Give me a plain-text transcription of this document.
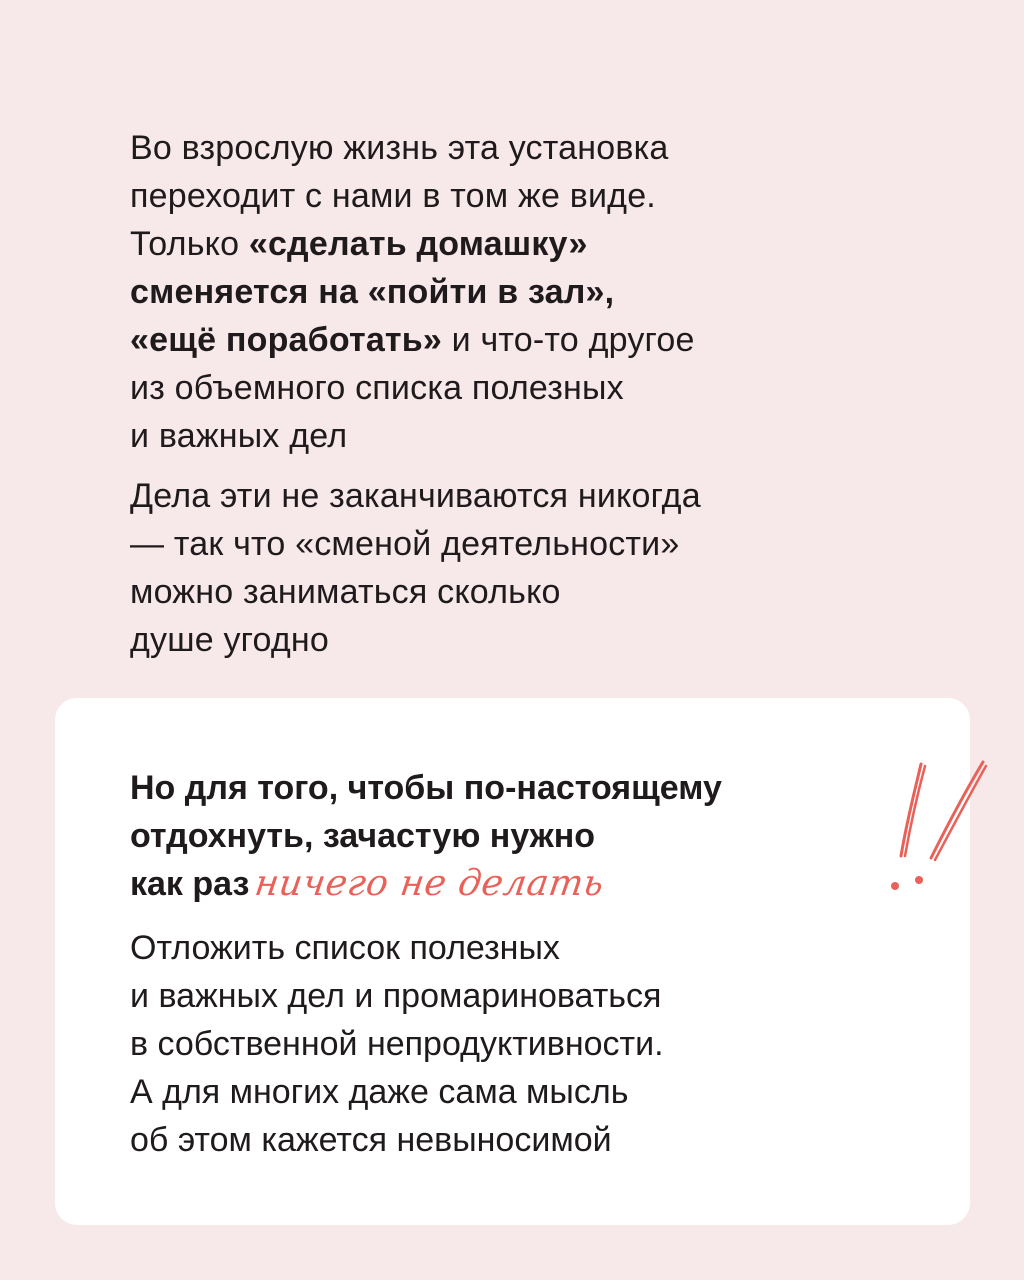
Во взрослую жизнь эта установка
переходит с нами в том же виде.
Только «сделать домашку»
сменяется на «пойти в зал»,
«ещё поработать» и что-то другое
из объемного списка полезных
и важных дел

Дела эти не заканчиваются никогда
— так что «сменой деятельности»
можно заниматься сколько
душе угодно

Но для того, чтобы по-настоящему
отдохнуть, зачастую нужно
как разничего не делать
Отложить список полезных
и важных дел и промариноваться
в собственной непродуктивности.
А для многих даже сама мысль
об этом кажется невыносимой
